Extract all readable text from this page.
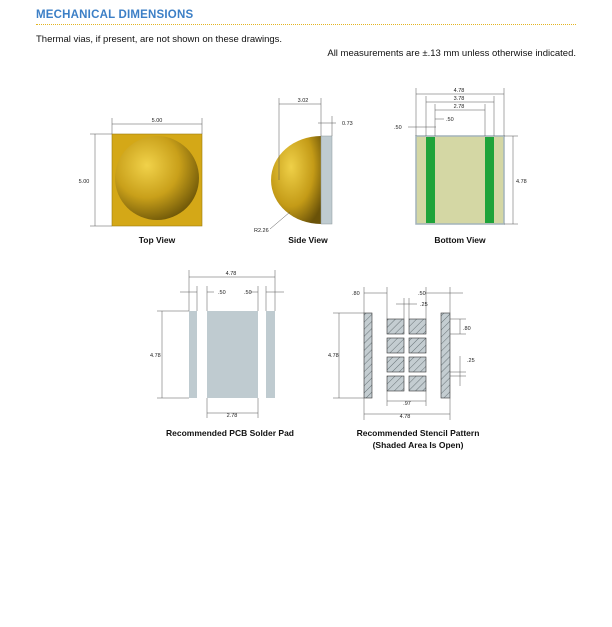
MECHANICAL DIMENSIONS
Thermal vias, if present, are not shown on these drawings.
All measurements are ±.13 mm unless otherwise indicated.
5.00
5.00
Top View
3.02
0.73
R2.26
Side View
4.78
3.78
2.78
.50
.50
4.78
Bottom View
4.78
.50	.50
4.78
2.78
Recommended PCB Solder Pad
.80	.50
.25
.80
.25
4.78
.97
4.78
Recommended Stencil Pattern
(Shaded Area Is Open)
